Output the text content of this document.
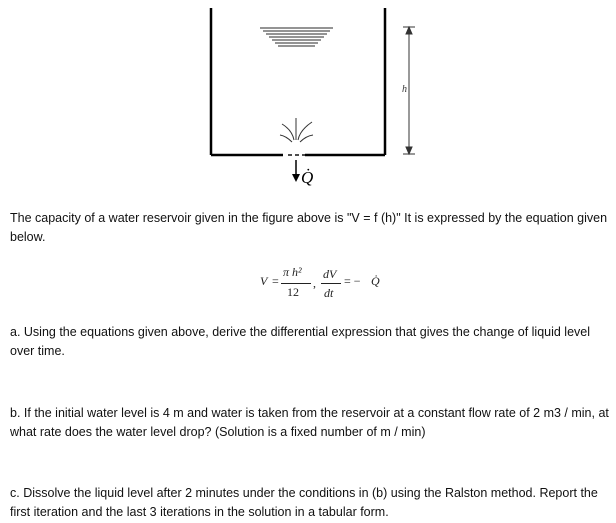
h
Q̇
The capacity of a water reservoir given in the figure above is "V = f (h)" It is expressed by the equation given below.
V =
π h²
12
,
dV
dt
= − Q̇
a. Using the equations given above, derive the differential expression that gives the change of liquid level over time.
b. If the initial water level is 4 m and water is taken from the reservoir at a constant flow rate of 2 m3 / min, at what rate does the water level drop? (Solution is a fixed number of m / min)
c. Dissolve the liquid level after 2 minutes under the conditions in (b) using the Ralston method. Report the first iteration and the last 3 iterations in the solution in a tabular form.
